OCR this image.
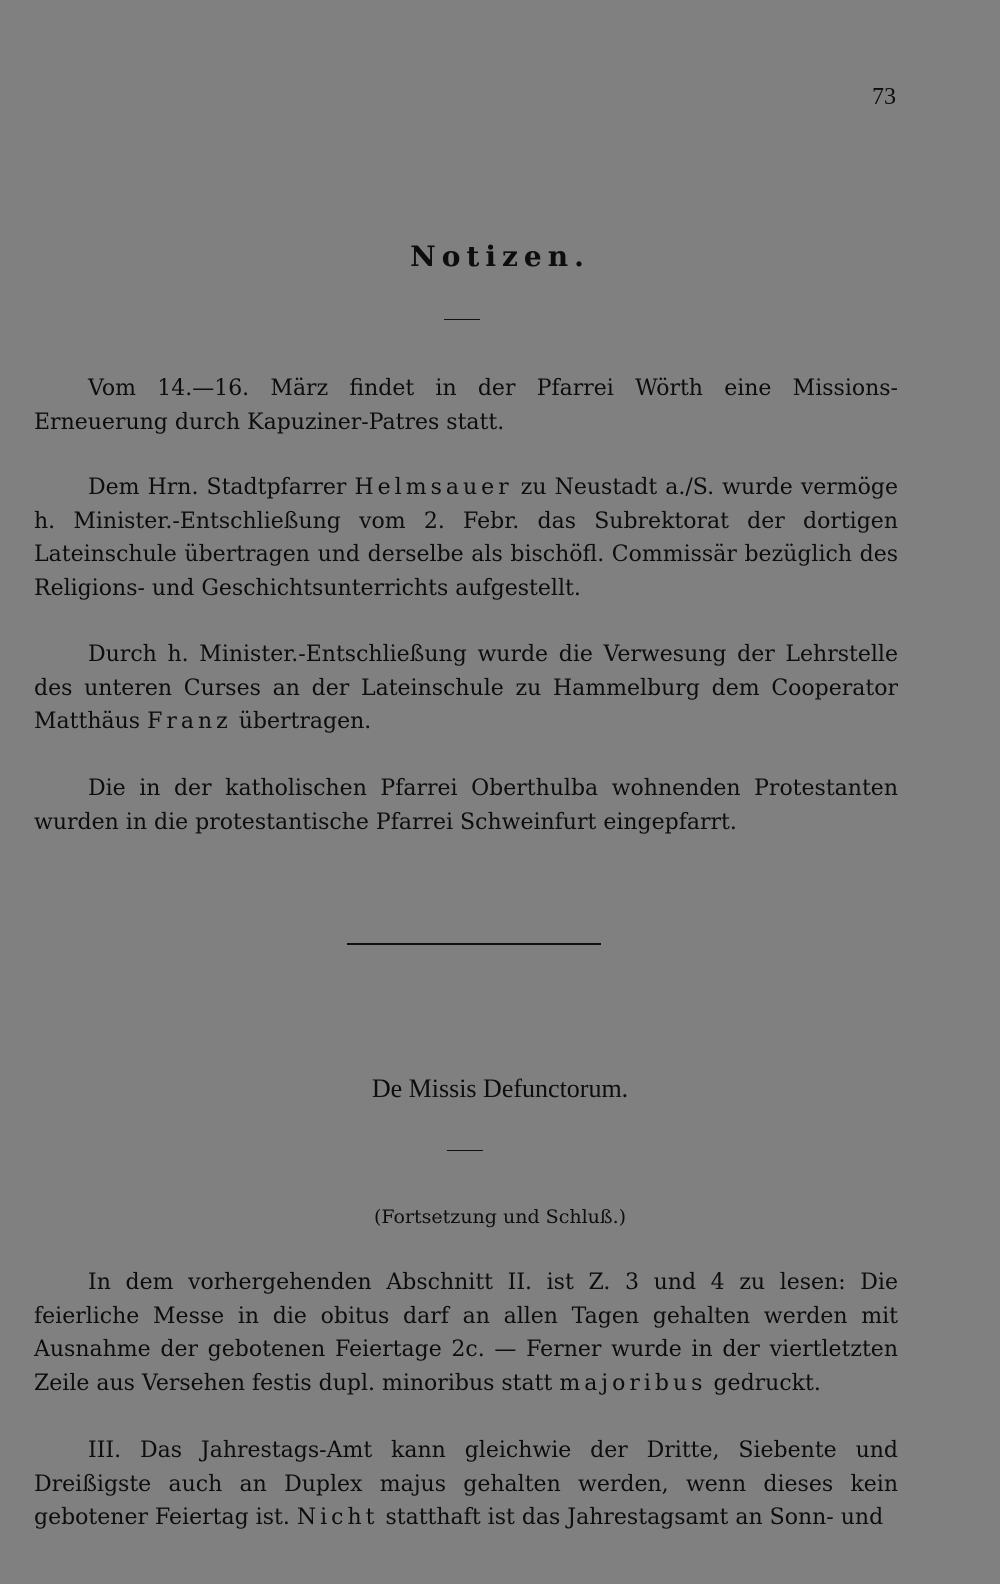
73
Notizen.

Vom 14.—16. März findet in der Pfarrei Wörth eine Missions-Erneuerung durch Kapuziner-Patres statt.

Dem Hrn. Stadtpfarrer Helmsauer zu Neustadt a./S. wurde vermöge h. Minister.-Entschließung vom 2. Febr. das Subrektorat der dortigen Lateinschule übertragen und derselbe als bischöfl. Commissär bezüglich des Religions- und Geschichtsunterrichts aufgestellt.

Durch h. Minister.-Entschließung wurde die Verwesung der Lehrstelle des unteren Curses an der Lateinschule zu Hammelburg dem Cooperator Matthäus Franz übertragen.

Die in der katholischen Pfarrei Oberthulba wohnenden Protestanten wurden in die protestantische Pfarrei Schweinfurt eingepfarrt.

De Missis Defunctorum.
(Fortsetzung und Schluß.)

In dem vorhergehenden Abschnitt II. ist Z. 3 und 4 zu lesen: Die feierliche Messe in die obitus darf an allen Tagen gehalten werden mit Ausnahme der gebotenen Feiertage 2c. — Ferner wurde in der viertletzten Zeile aus Versehen festis dupl. minoribus statt majoribus gedruckt.

III. Das Jahrestags-Amt kann gleichwie der Dritte, Siebente und Dreißigste auch an Duplex majus gehalten werden, wenn dieses kein gebotener Feiertag ist. Nicht statthaft ist das Jahrestagsamt an Sonn- und
